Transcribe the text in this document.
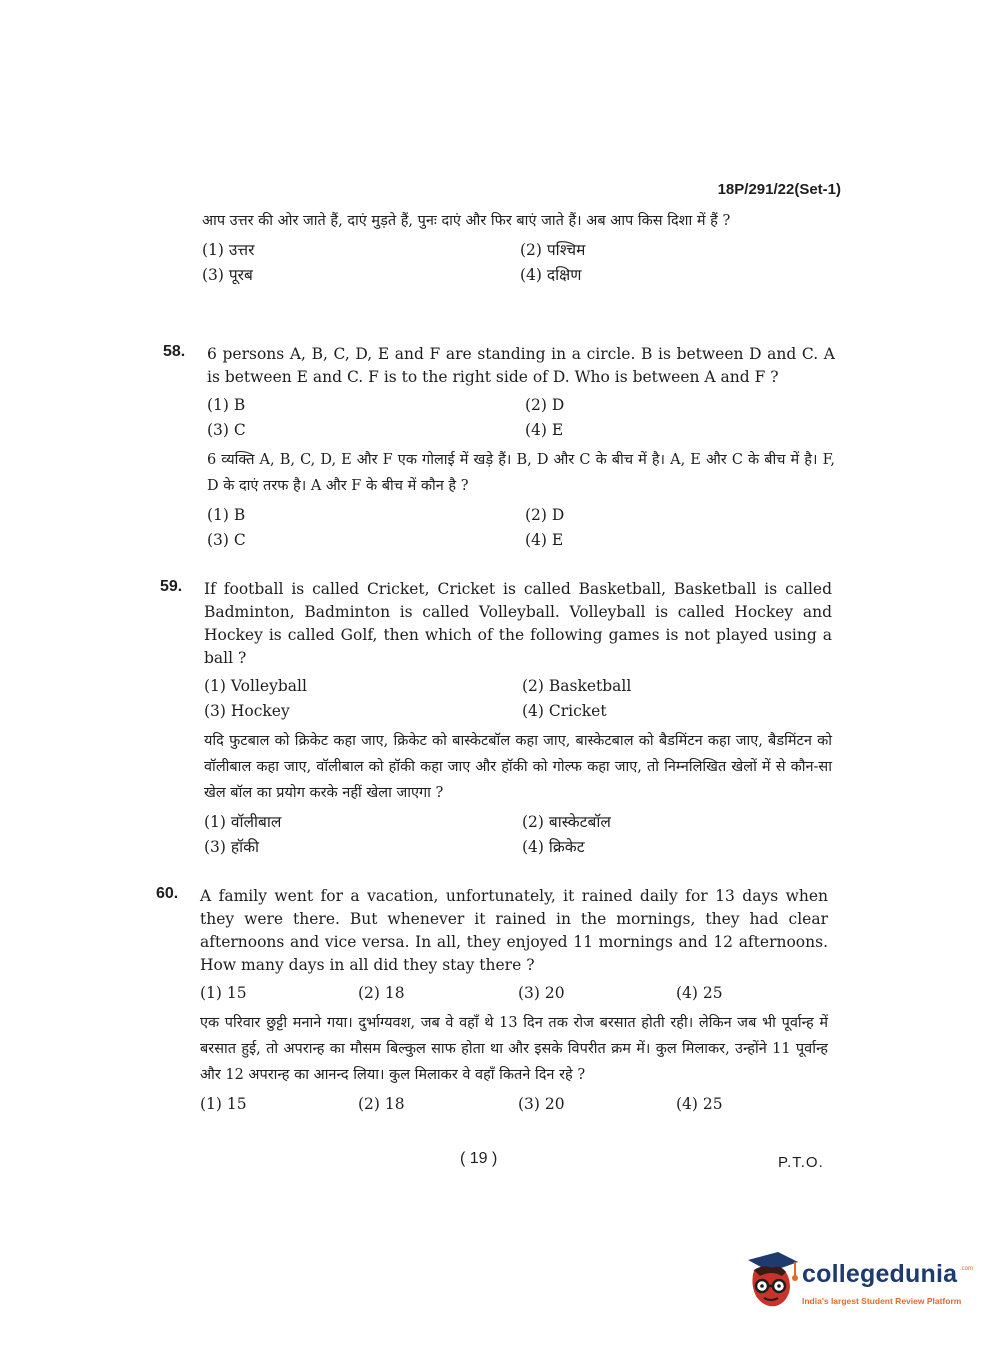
18P/291/22(Set-1)

आप उत्तर की ओर जाते हैं, दाएं मुड़ते हैं, पुनः दाएं और फिर बाएं जाते हैं। अब आप किस दिशा में हैं ?

(1) उत्तर	(2) पश्चिम
(3) पूरब	(4) दक्षिण
58.	6 persons A, B, C, D, E and F are standing in a circle. B is between D and C. A is between E and C. F is to the right side of D. Who is between A and F ?

(1) B	(2) D
(3) C	(4) E

6 व्यक्ति A, B, C, D, E और F एक गोलाई में खड़े हैं। B, D और C के बीच में है। A, E और C के बीच में है। F, D के दाएं तरफ है। A और F के बीच में कौन है ?

(1) B	(2) D
(3) C	(4) E
59.	If football is called Cricket, Cricket is called Basketball, Basketball is called Badminton, Badminton is called Volleyball. Volleyball is called Hockey and Hockey is called Golf, then which of the following games is not played using a ball ?

(1) Volleyball	(2) Basketball
(3) Hockey	(4) Cricket

यदि फुटबाल को क्रिकेट कहा जाए, क्रिकेट को बास्केटबॉल कहा जाए, बास्केटबाल को बैडमिंटन कहा जाए, बैडमिंटन को वॉलीबाल कहा जाए, वॉलीबाल को हॉकी कहा जाए और हॉकी को गोल्फ कहा जाए, तो निम्नलिखित खेलों में से कौन-सा खेल बॉल का प्रयोग करके नहीं खेला जाएगा ?

(1) वॉलीबाल	(2) बास्केटबॉल
(3) हॉकी	(4) क्रिकेट
60.	A family went for a vacation, unfortunately, it rained daily for 13 days when they were there. But whenever it rained in the mornings, they had clear afternoons and vice versa. In all, they enjoyed 11 mornings and 12 afternoons. How many days in all did they stay there ?

(1) 15	(2) 18	(3) 20	(4) 25

एक परिवार छुट्टी मनाने गया। दुर्भाग्यवश, जब वे वहाँ थे 13 दिन तक रोज बरसात होती रही। लेकिन जब भी पूर्वान्ह में बरसात हुई, तो अपरान्ह का मौसम बिल्कुल साफ होता था और इसके विपरीत क्रम में। कुल मिलाकर, उन्होंने 11 पूर्वान्ह और 12 अपरान्ह का आनन्द लिया। कुल मिलाकर वे वहाँ कितने दिन रहे ?

(1) 15	(2) 18	(3) 20	(4) 25
( 19 )	P.T.O.
collegedunia .com
India's largest Student Review Platform
